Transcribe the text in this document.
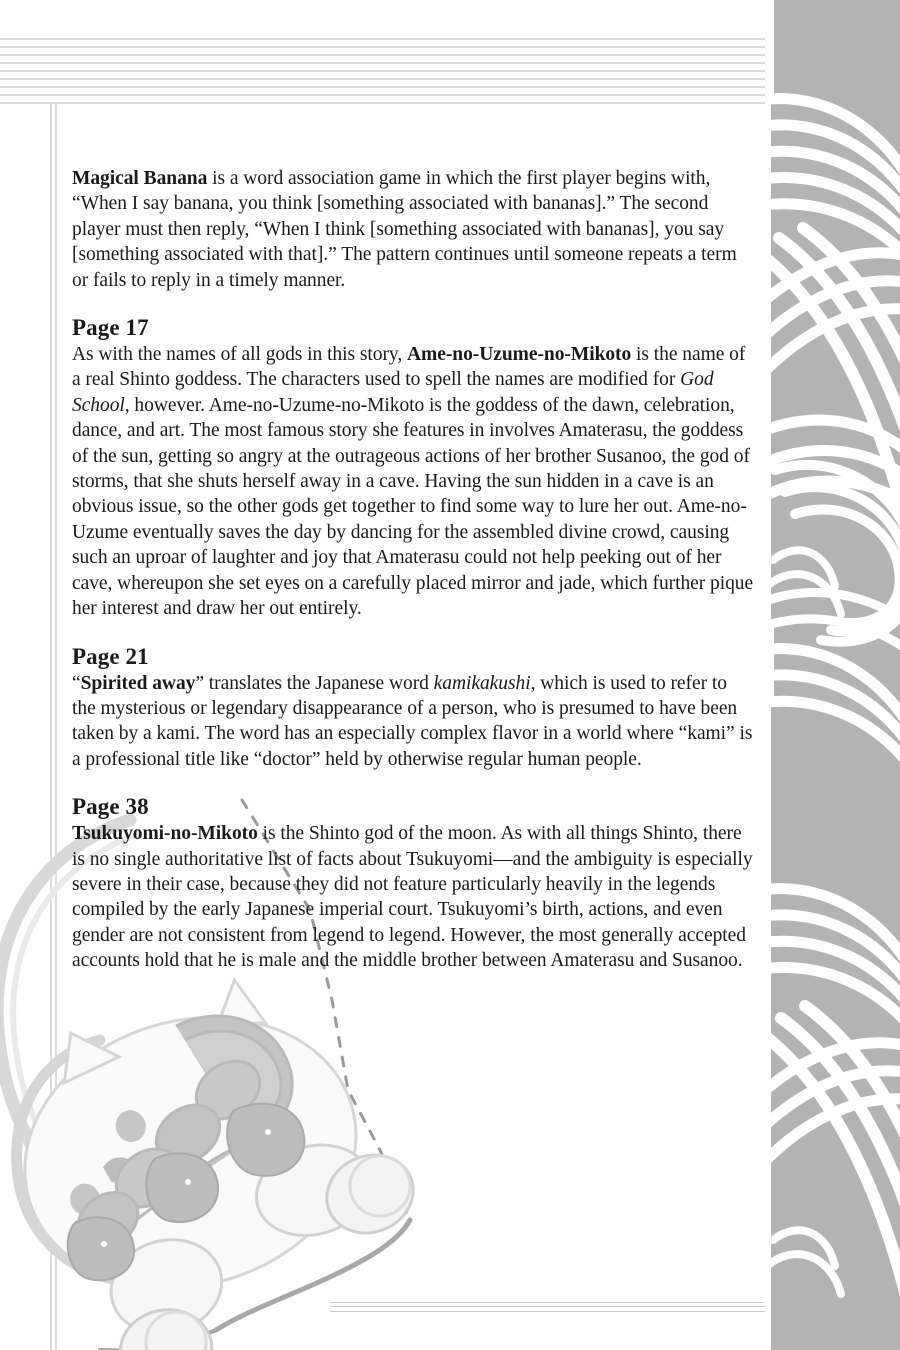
Magical Banana is a word association game in which the first player begins with, “When I say banana, you think [something associated with bananas].” The second player must then reply, “When I think [something associated with bananas], you say [something associated with that].” The pattern continues until someone repeats a term or fails to reply in a timely manner.

Page 17

As with the names of all gods in this story, Ame-no-Uzume-no-Mikoto is the name of a real Shinto goddess. The characters used to spell the names are modified for God School, however. Ame-no-Uzume-no-Mikoto is the goddess of the dawn, celebration, dance, and art. The most famous story she features in involves Amaterasu, the goddess of the sun, getting so angry at the outrageous actions of her brother Susanoo, the god of storms, that she shuts herself away in a cave. Having the sun hidden in a cave is an obvious issue, so the other gods get together to find some way to lure her out. Ame-no-Uzume eventually saves the day by dancing for the assembled divine crowd, causing such an uproar of laughter and joy that Amaterasu could not help peeking out of her cave, whereupon she set eyes on a carefully placed mirror and jade, which further pique her interest and draw her out entirely.

Page 21

“Spirited away” translates the Japanese word kamikakushi, which is used to refer to the mysterious or legendary disappearance of a person, who is presumed to have been taken by a kami. The word has an especially complex flavor in a world where “kami” is a professional title like “doctor” held by otherwise regular human people.

Page 38

Tsukuyomi-no-Mikoto is the Shinto god of the moon. As with all things Shinto, there is no single authoritative list of facts about Tsukuyomi—and the ambiguity is especially severe in their case, because they did not feature particularly heavily in the legends compiled by the early Japanese imperial court. Tsukuyomi’s birth, actions, and even gender are not consistent from legend to legend. However, the most generally accepted accounts hold that he is male and the middle brother between Amaterasu and Susanoo.
